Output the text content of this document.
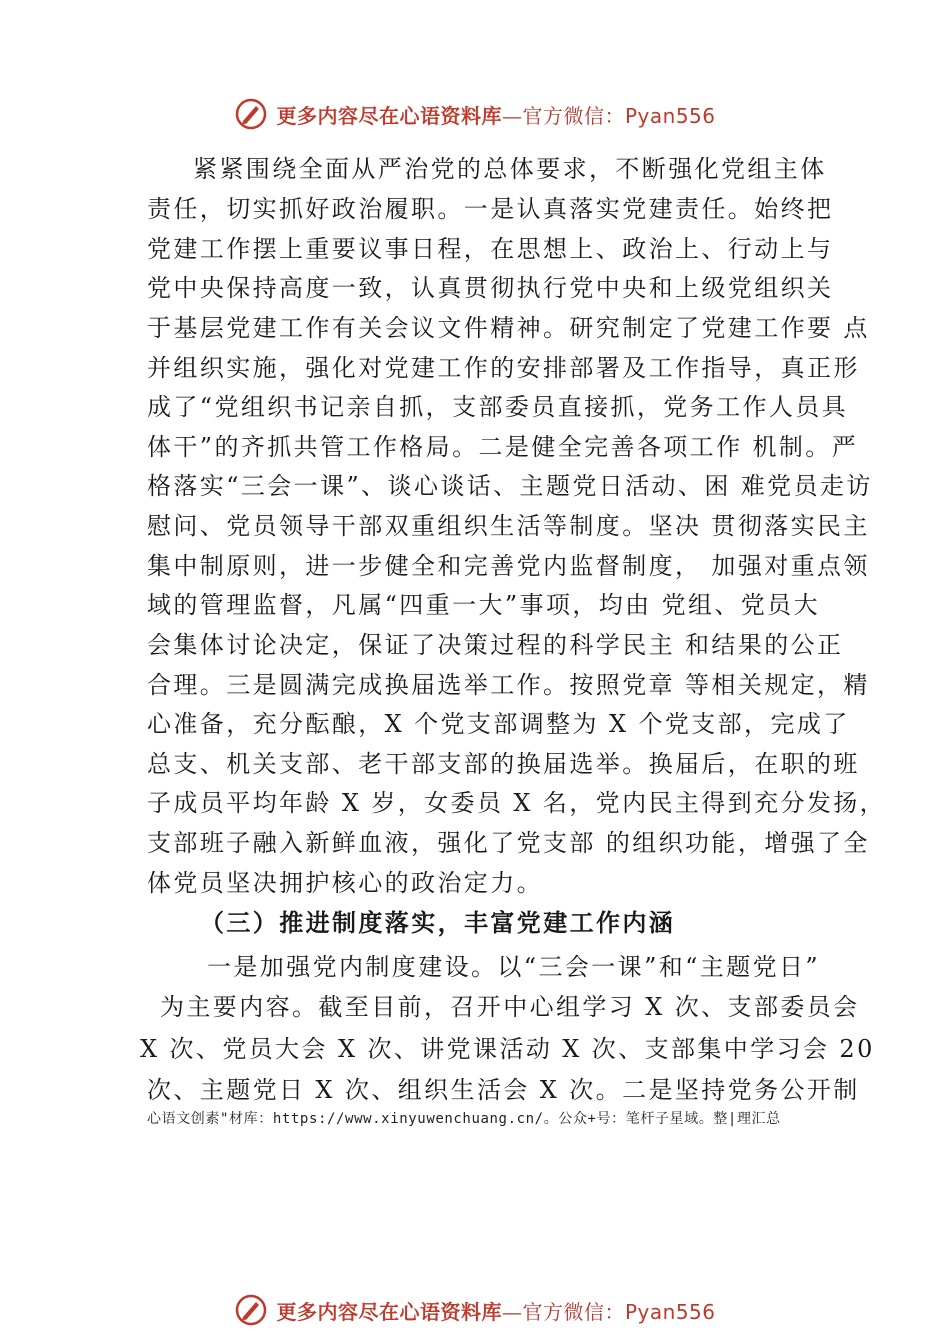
更多内容尽在心语资料库—官方微信：Pyan556
紧紧围绕全面从严治党的总体要求，不断强化党组主体
责任，切实抓好政治履职。一是认真落实党建责任。始终把
党建工作摆上重要议事日程，在思想上、政治上、行动上与
党中央保持高度一致，认真贯彻执行党中央和上级党组织关
于基层党建工作有关会议文件精神。研究制定了党建工作要 点
并组织实施，强化对党建工作的安排部署及工作指导，真正形
成了“党组织书记亲自抓，支部委员直接抓，党务工作人员具
体干”的齐抓共管工作格局。二是健全完善各项工作 机制。严
格落实“三会一课”、谈心谈话、主题党日活动、困 难党员走访
慰问、党员领导干部双重组织生活等制度。坚决 贯彻落实民主
集中制原则，进一步健全和完善党内监督制度， 加强对重点领
域的管理监督，凡属“四重一大”事项，均由 党组、党员大
会集体讨论决定，保证了决策过程的科学民主 和结果的公正
合理。三是圆满完成换届选举工作。按照党章 等相关规定，精
心准备，充分酝酿，X 个党支部调整为 X 个党支部，完成了
总支、机关支部、老干部支部的换届选举。换届后，在职的班
子成员平均年龄 X 岁，女委员 X 名，党内民主得到充分发扬，
支部班子融入新鲜血液，强化了党支部 的组织功能，增强了全
体党员坚决拥护核心的政治定力。
（三）推进制度落实，丰富党建工作内涵
一是加强党内制度建设。以“三会一课”和“主题党日”
为主要内容。截至目前，召开中心组学习 X 次、支部委员会
X 次、党员大会 X 次、讲党课活动 X 次、支部集中学习会 20
次、主题党日 X 次、组织生活会 X 次。二是坚持党务公开制
心语文创素"材库：https://www.xinyuwenchuang.cn/。公众+号：笔杆子星域。整|理汇总
更多内容尽在心语资料库—官方微信：Pyan556
